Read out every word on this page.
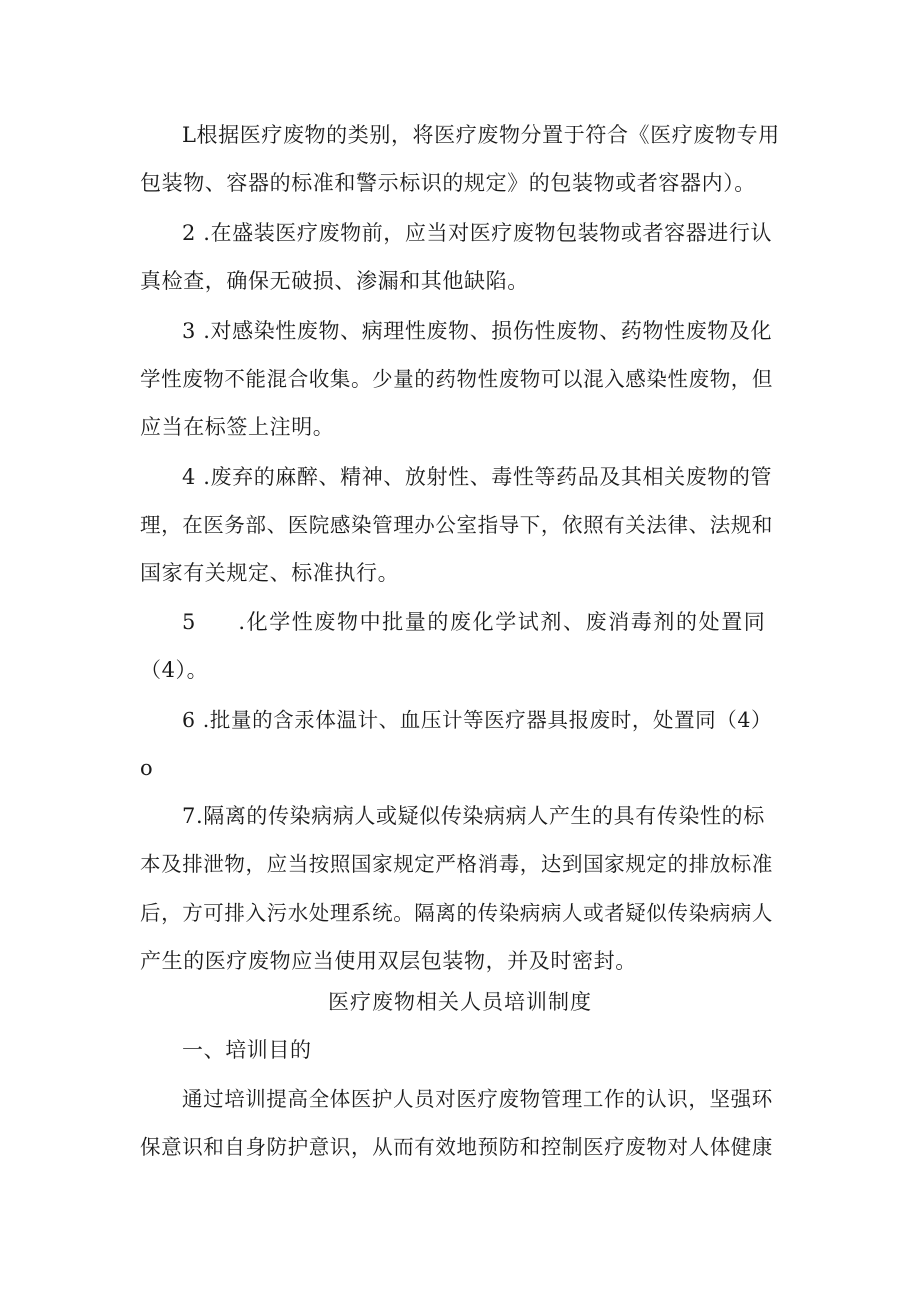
L根据医疗废物的类别，将医疗废物分置于符合《医疗废物专用
包装物、容器的标准和警示标识的规定》的包装物或者容器内）。
2 .在盛装医疗废物前，应当对医疗废物包装物或者容器进行认
真检查，确保无破损、渗漏和其他缺陷。
3 .对感染性废物、病理性废物、损伤性废物、药物性废物及化
学性废物不能混合收集。少量的药物性废物可以混入感染性废物，但
应当在标签上注明。
4 .废弃的麻醉、精神、放射性、毒性等药品及其相关废物的管
理，在医务部、医院感染管理办公室指导下，依照有关法律、法规和
国家有关规定、标准执行。
5     .化学性废物中批量的废化学试剂、废消毒剂的处置同
（4）。
6 .批量的含汞体温计、血压计等医疗器具报废时，处置同（4）
o
7.隔离的传染病病人或疑似传染病病人产生的具有传染性的标
本及排泄物，应当按照国家规定严格消毒，达到国家规定的排放标准
后，方可排入污水处理系统。隔离的传染病病人或者疑似传染病病人
产生的医疗废物应当使用双层包装物，并及时密封。
医疗废物相关人员培训制度
一、培训目的
通过培训提高全体医护人员对医疗废物管理工作的认识，坚强环
保意识和自身防护意识，从而有效地预防和控制医疗废物对人体健康
